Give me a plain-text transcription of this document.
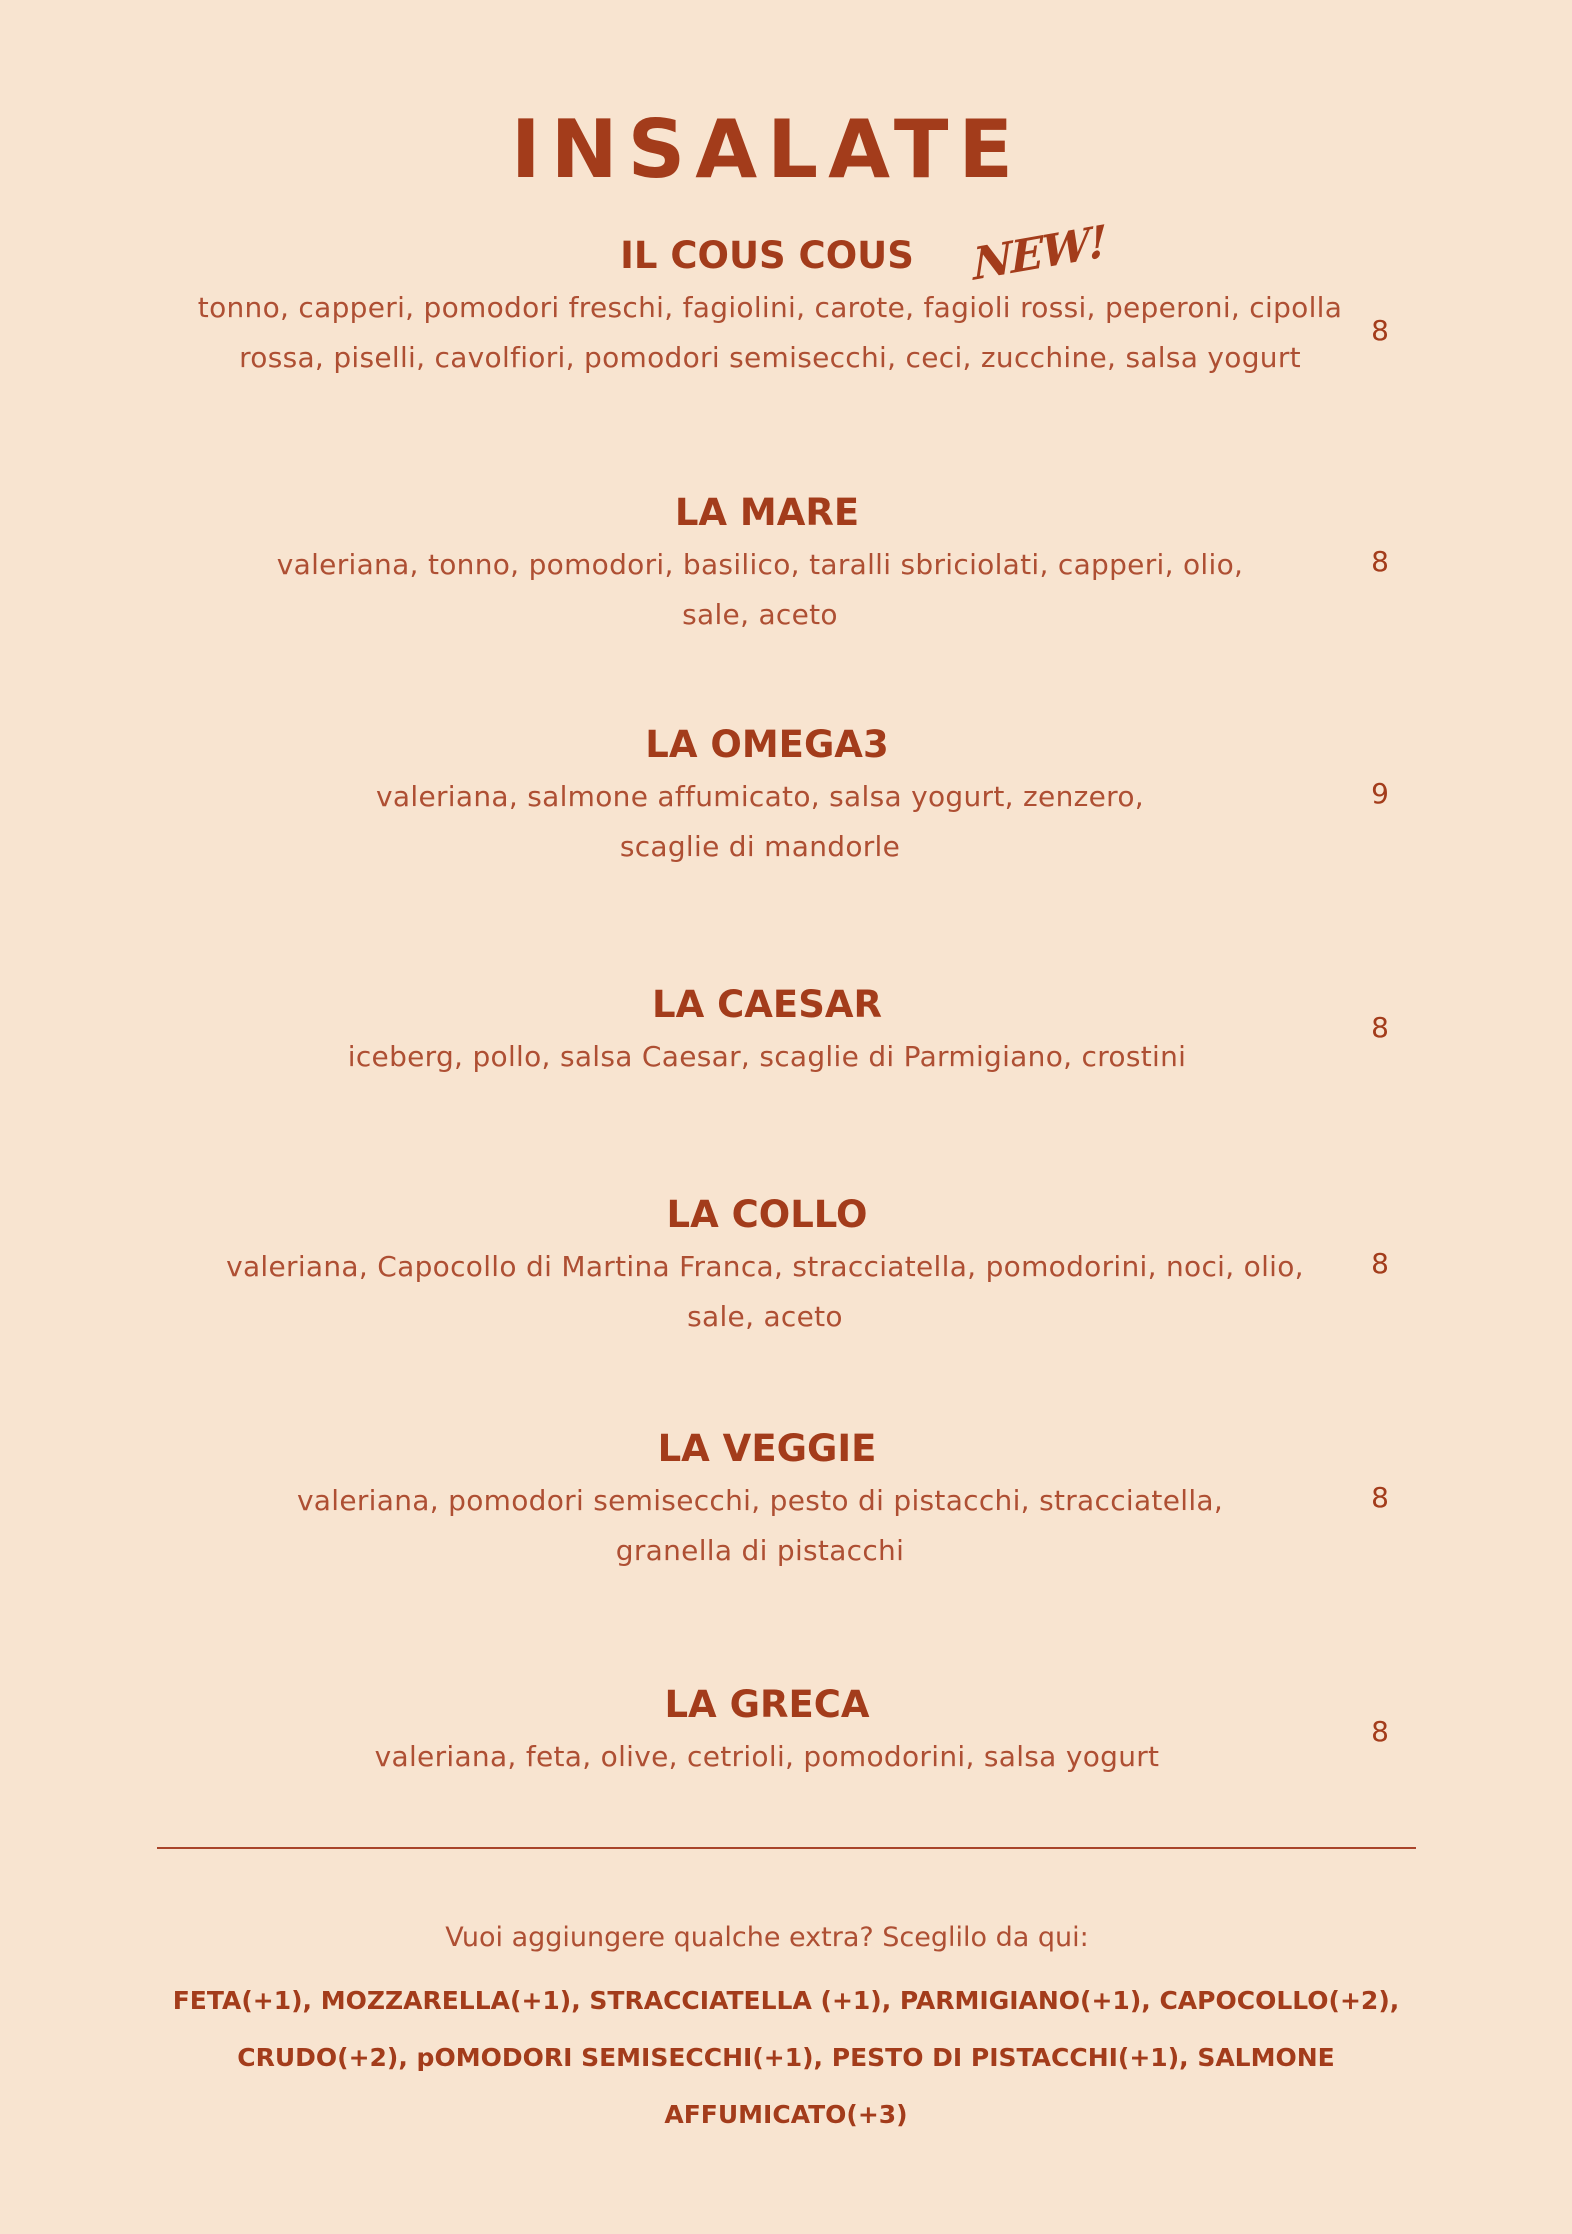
INSALATE
IL COUS COUS
tonno, capperi, pomodori freschi, fagiolini, carote, fagioli rossi, peperoni, cipolla rossa, piselli, cavolfiori, pomodori semisecchi, ceci, zucchine, salsa yogurt
8
NEW!
LA MARE
valeriana, tonno, pomodori, basilico, taralli sbriciolati, capperi, olio, sale, aceto
8
LA OMEGA3
valeriana, salmone affumicato, salsa yogurt, zenzero, scaglie di mandorle
9
LA CAESAR
iceberg, pollo, salsa Caesar, scaglie di Parmigiano, crostini
8
LA COLLO
valeriana, Capocollo di Martina Franca, stracciatella, pomodorini, noci, olio, sale, aceto
8
LA VEGGIE
valeriana, pomodori semisecchi, pesto di pistacchi, stracciatella, granella di pistacchi
8
LA GRECA
valeriana, feta, olive, cetrioli, pomodorini, salsa yogurt
8
Vuoi aggiungere qualche extra? Sceglilo da qui:
FETA(+1), MOZZARELLA(+1), STRACCIATELLA (+1), PARMIGIANO(+1), CAPOCOLLO(+2), CRUDO(+2), pOMODORI SEMISECCHI(+1), PESTO DI PISTACCHI(+1), SALMONE AFFUMICATO(+3)
